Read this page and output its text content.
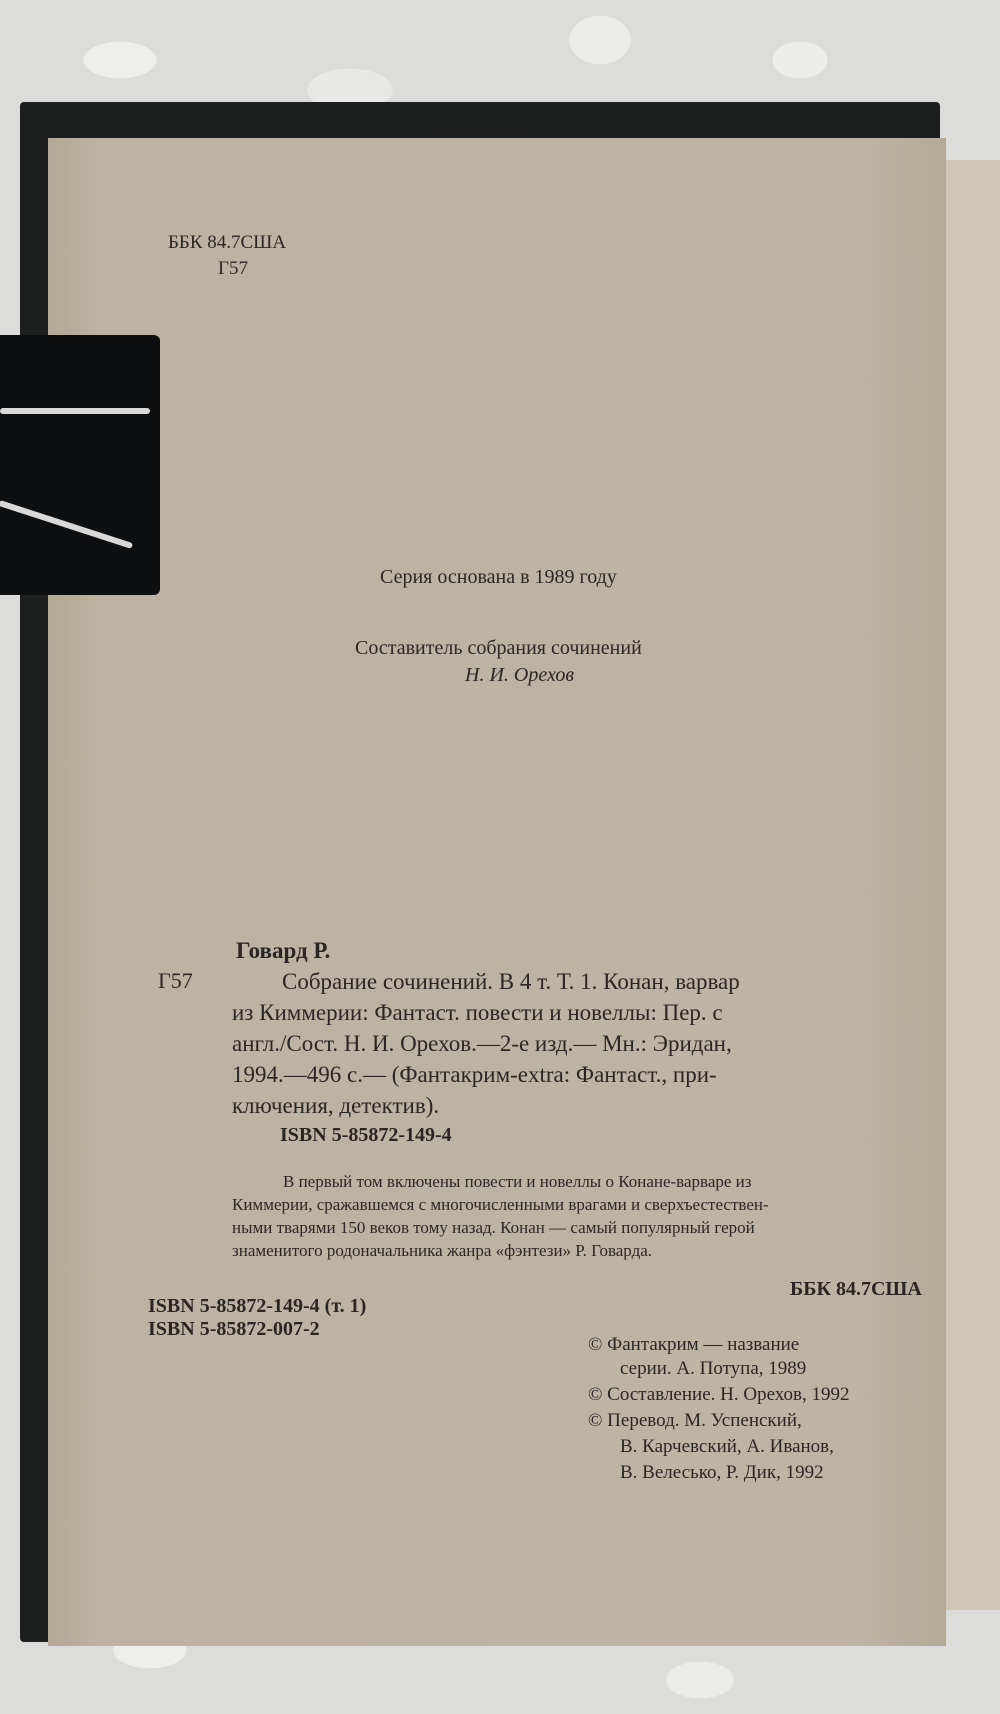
ББК 84.7США
Г57
Серия основана в 1989 году
Составитель собрания сочинений
Н. И. Орехов
Говард Р.
Г57	Собрание сочинений. В 4 т. Т. 1. Конан, варвар
из Киммерии: Фантаст. повести и новеллы: Пер. с
англ./Сост. Н. И. Орехов.—2-е изд.— Мн.: Эридан,
1994.—496 с.— (Фантакрим-extra: Фантаст., при-
ключения, детектив).
ISBN 5-85872-149-4
В первый том включены повести и новеллы о Конане-варваре из
Киммерии, сражавшемся с многочисленными врагами и сверхъестествен-
ными тварями 150 веков тому назад. Конан — самый популярный герой
знаменитого родоначальника жанра «фэнтези» Р. Говарда.
ББК 84.7США
ISBN 5-85872-149-4 (т. 1)
ISBN 5-85872-007-2
© Фантакрим — название
серии. А. Потупа, 1989
© Составление. Н. Орехов, 1992
© Перевод. М. Успенский,
В. Карчевский, А. Иванов,
В. Велесько, Р. Дик, 1992
